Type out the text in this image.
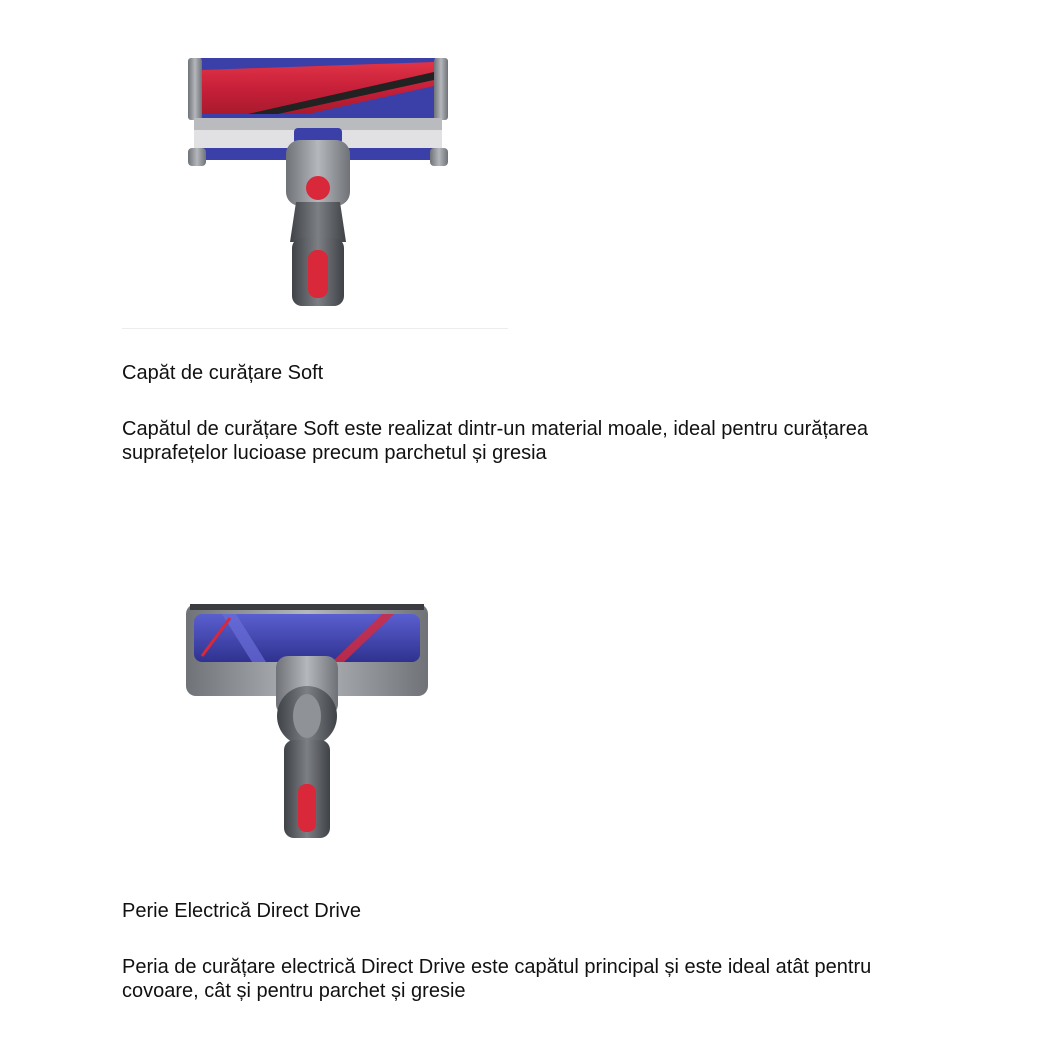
Capăt de curățare Soft

Capătul de curățare Soft este realizat dintr-un material moale, ideal pentru curățarea suprafețelor lucioase precum parchetul și gresia

Perie Electrică Direct Drive

Peria de curățare electrică Direct Drive este capătul principal și este ideal atât pentru covoare, cât și pentru parchet și gresie
